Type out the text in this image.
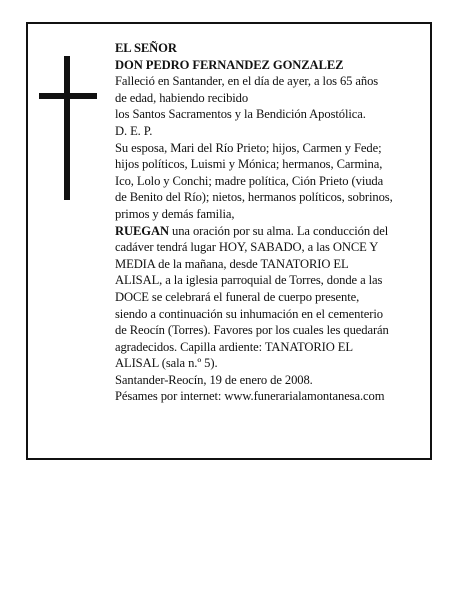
EL SEÑOR
DON PEDRO FERNANDEZ GONZALEZ
Falleció en Santander, en el día de ayer, a los 65 años
de edad, habiendo recibido
los Santos Sacramentos y la Bendición Apostólica.
D. E. P.
Su esposa, Mari del Río Prieto; hijos, Carmen y Fede;
hijos políticos, Luismi y Mónica; hermanos, Carmina,
Ico, Lolo y Conchi; madre política, Ción Prieto (viuda
de Benito del Río); nietos, hermanos políticos, sobrinos,
primos y demás familia,
RUEGAN una oración por su alma. La conducción del
cadáver tendrá lugar HOY, SABADO, a las ONCE Y
MEDIA de la mañana, desde TANATORIO EL
ALISAL, a la iglesia parroquial de Torres, donde a las
DOCE se celebrará el funeral de cuerpo presente,
siendo a continuación su inhumación en el cementerio
de Reocín (Torres). Favores por los cuales les quedarán
agradecidos. Capilla ardiente: TANATORIO EL
ALISAL (sala n.º 5).
Santander-Reocín, 19 de enero de 2008.
Pésames por internet: www.funerarialamontanesa.com
